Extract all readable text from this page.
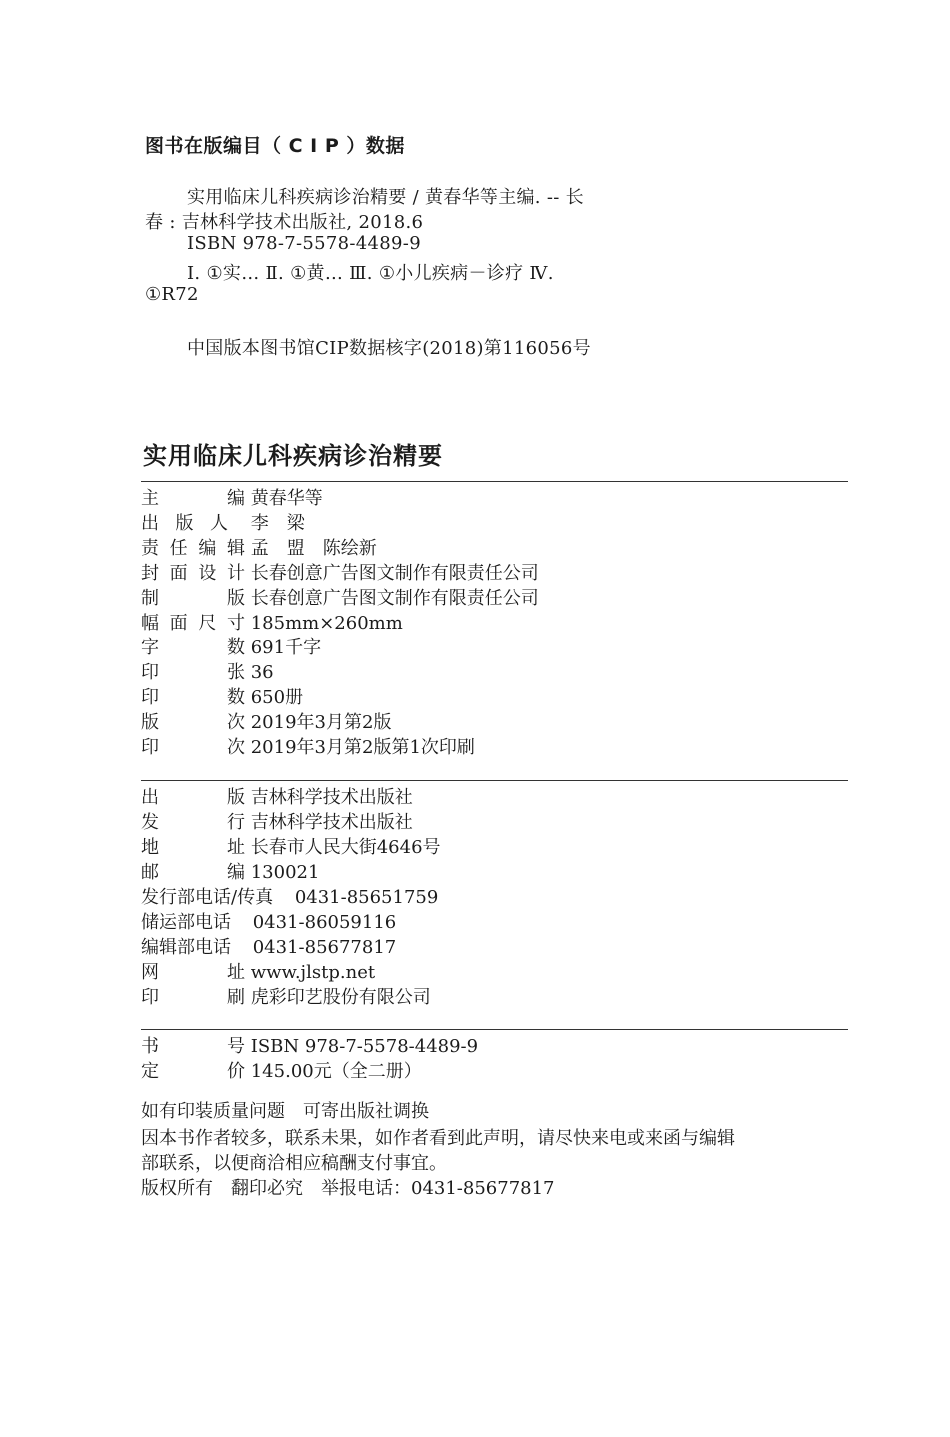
图书在版编目（ C I P ）数据
实用临床儿科疾病诊治精要 / 黄春华等主编. -- 长
春 : 吉林科学技术出版社, 2018.6
ISBN 978-7-5578-4489-9
Ⅰ. ①实… Ⅱ. ①黄… Ⅲ. ①小儿疾病－诊疗 Ⅳ.
①R72
中国版本图书馆CIP数据核字(2018)第116056号
实用临床儿科疾病诊治精要
主编 黄春华等
出版人 李　梁
责任编辑 孟　盟　陈绘新
封面设计 长春创意广告图文制作有限责任公司
制版 长春创意广告图文制作有限责任公司
幅面尺寸 185mm×260mm
字数 691千字
印张 36
印数 650册
版次 2019年3月第2版
印次 2019年3月第2版第1次印刷
出版 吉林科学技术出版社
发行 吉林科学技术出版社
地址 长春市人民大街4646号
邮编 130021
发行部电话/传真 0431-85651759
储运部电话 0431-86059116
编辑部电话 0431-85677817
网址 www.jlstp.net
印刷 虎彩印艺股份有限公司
书号 ISBN 978-7-5578-4489-9
定价 145.00元（全二册）
如有印装质量问题 可寄出版社调换
因本书作者较多，联系未果，如作者看到此声明，请尽快来电或来函与编辑
部联系，以便商洽相应稿酬支付事宜。
版权所有 翻印必究 举报电话：0431-85677817
